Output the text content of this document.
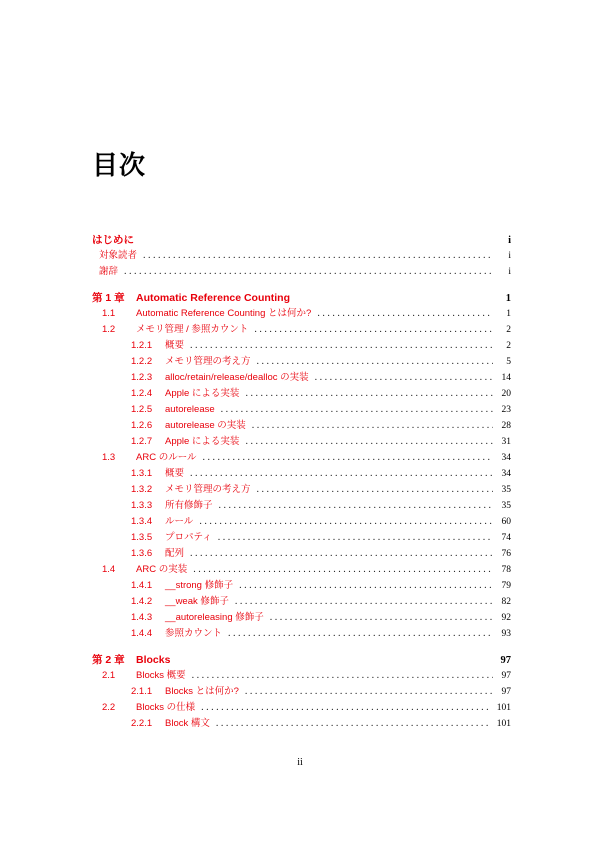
目次
はじめに	i
対象読者 . . .	i
謝辞 . . .	i
第 1 章	Automatic Reference Counting	1
1.1	Automatic Reference Counting とは何か? . . .	1
1.2	メモリ管理 / 参照カウント . . .	2
1.2.1	概要 . . .	2
1.2.2	メモリ管理の考え方 . . .	5
1.2.3	alloc/retain/release/dealloc の実装 . . .	14
1.2.4	Apple による実装 . . .	20
1.2.5	autorelease . . .	23
1.2.6	autorelease の実装 . . .	28
1.2.7	Apple による実装 . . .	31
1.3	ARC のルール . . .	34
1.3.1	概要 . . .	34
1.3.2	メモリ管理の考え方 . . .	35
1.3.3	所有修飾子 . . .	35
1.3.4	ルール . . .	60
1.3.5	プロパティ . . .	74
1.3.6	配列 . . .	76
1.4	ARC の実装 . . .	78
1.4.1	__strong 修飾子 . . .	79
1.4.2	__weak 修飾子 . . .	82
1.4.3	__autoreleasing 修飾子 . . .	92
1.4.4	参照カウント . . .	93
第 2 章	Blocks	97
2.1	Blocks 概要 . . .	97
2.1.1	Blocks とは何か? . . .	97
2.2	Blocks の仕様 . . .	101
2.2.1	Block 構文 . . .	101
ii
